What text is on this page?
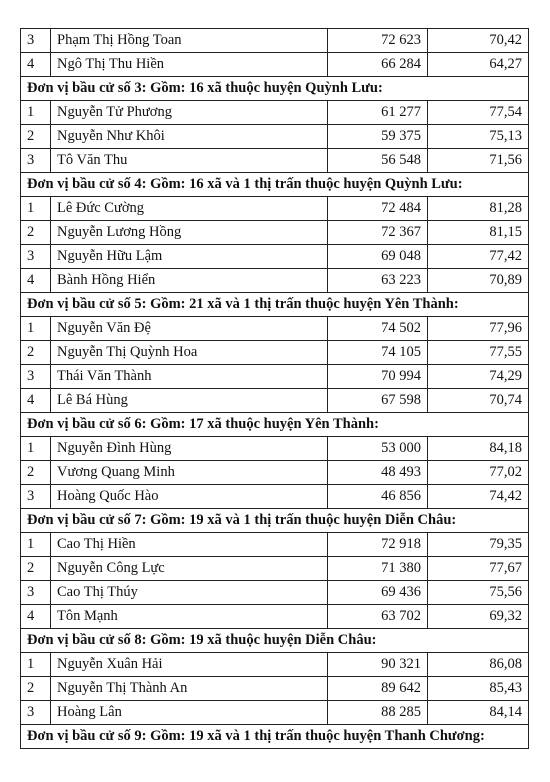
3	Phạm Thị Hồng Toan	72 623	70,42
4	Ngô Thị Thu Hiền	66 284	64,27
Đơn vị bầu cử số 3: Gồm: 16 xã thuộc huyện Quỳnh Lưu:			
1	Nguyễn Tử Phương	61 277	77,54
2	Nguyễn Như Khôi	59 375	75,13
3	Tô Văn Thu	56 548	71,56
Đơn vị bầu cử số 4: Gồm: 16 xã và 1 thị trấn thuộc huyện Quỳnh Lưu:			
1	Lê Đức Cường	72 484	81,28
2	Nguyễn Lương Hồng	72 367	81,15
3	Nguyễn Hữu Lậm	69 048	77,42
4	Bành Hồng Hiển	63 223	70,89
Đơn vị bầu cử số 5: Gồm: 21 xã và 1 thị trấn thuộc huyện Yên Thành:			
1	Nguyễn Văn Đệ	74 502	77,96
2	Nguyễn Thị Quỳnh Hoa	74 105	77,55
3	Thái Văn Thành	70 994	74,29
4	Lê Bá Hùng	67 598	70,74
Đơn vị bầu cử số 6: Gồm: 17 xã thuộc huyện Yên Thành:			
1	Nguyễn Đình Hùng	53 000	84,18
2	Vương Quang Minh	48 493	77,02
3	Hoàng Quốc Hào	46 856	74,42
Đơn vị bầu cử số 7: Gồm: 19 xã và 1 thị trấn thuộc huyện Diễn Châu:			
1	Cao Thị Hiền	72 918	79,35
2	Nguyễn Công Lực	71 380	77,67
3	Cao Thị Thúy	69 436	75,56
4	Tôn Mạnh	63 702	69,32
Đơn vị bầu cử số 8: Gồm: 19 xã thuộc huyện Diễn Châu:			
1	Nguyễn Xuân Hải	90 321	86,08
2	Nguyễn Thị Thành An	89 642	85,43
3	Hoàng Lân	88 285	84,14
Đơn vị bầu cử số 9: Gồm: 19 xã và 1 thị trấn thuộc huyện Thanh Chương:			
